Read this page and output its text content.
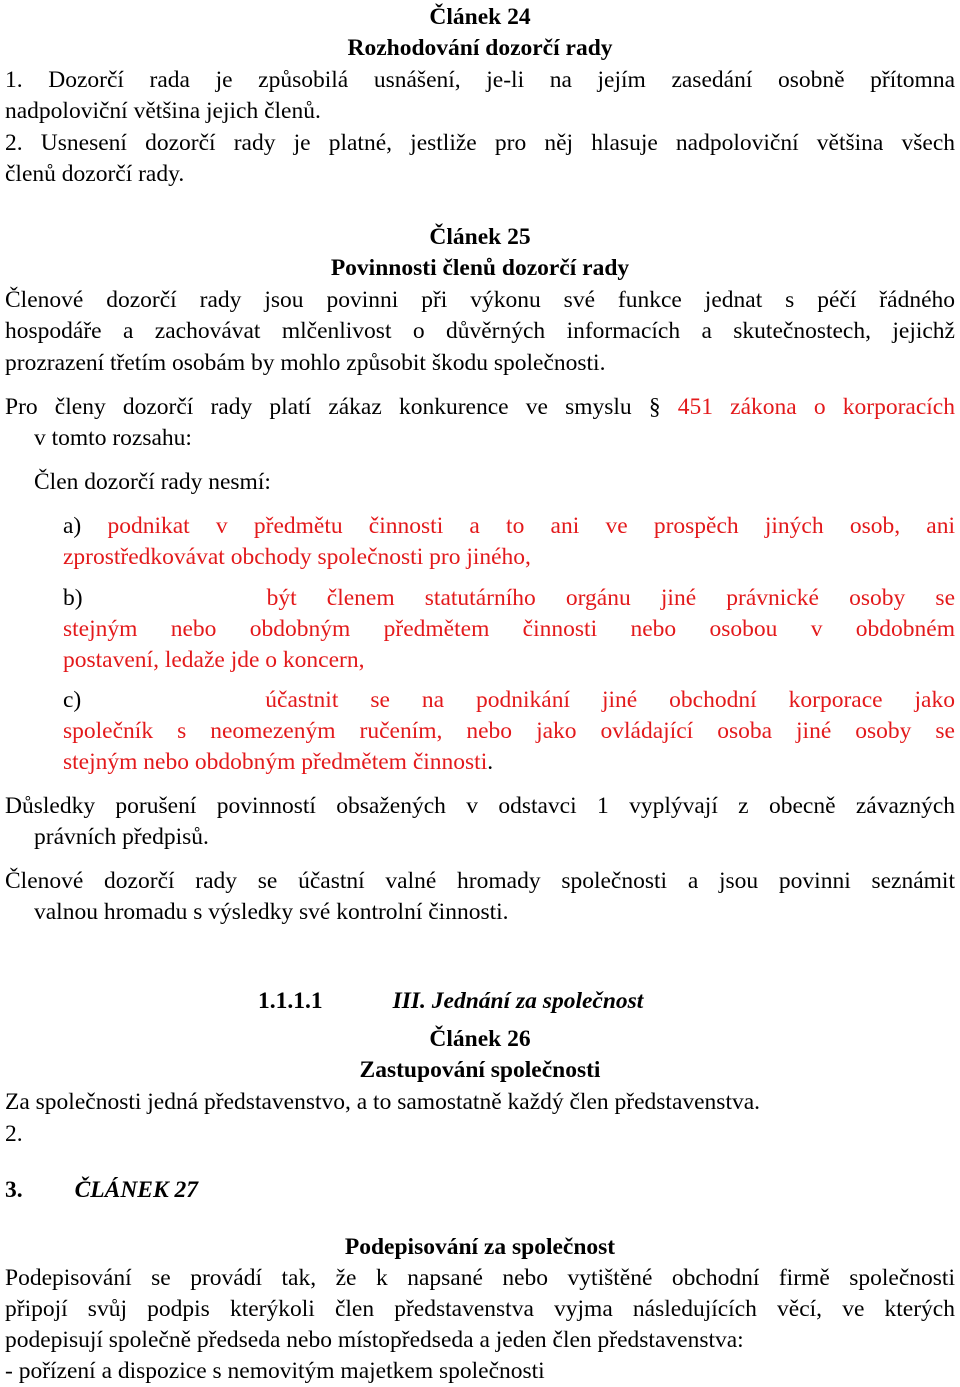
Článek 24
Rozhodování dozorčí rady
1. Dozorčí rada je způsobilá usnášení, je-li na jejím zasedání osobně přítomna
nadpoloviční většina jejich členů.
2. Usnesení dozorčí rady je platné, jestliže pro něj hlasuje nadpoloviční většina všech
členů dozorčí rady.
Článek 25
Povinnosti členů dozorčí rady
Členové dozorčí rady jsou povinni při výkonu své funkce jednat s péčí řádného
hospodáře a zachovávat mlčenlivost o důvěrných informacích a skutečnostech, jejichž
prozrazení třetím osobám by mohlo způsobit škodu společnosti.
Pro členy dozorčí rady platí zákaz konkurence ve smyslu § 451 zákona o korporacích
v tomto rozsahu:
Člen dozorčí rady nesmí:
a) podnikat v předmětu činnosti a to ani ve prospěch jiných osob, ani
zprostředkovávat obchody společnosti pro jiného,
b)	být členem statutárního orgánu jiné právnické osoby se
stejným nebo obdobným předmětem činnosti nebo osobou v obdobném
postavení, ledaže jde o koncern,
c)	účastnit se na podnikání jiné obchodní korporace jako
společník s neomezeným ručením, nebo jako ovládající osoba jiné osoby se
stejným nebo obdobným předmětem činnosti.
Důsledky porušení povinností obsažených v odstavci 1 vyplývají z obecně závazných
právních předpisů.
Členové dozorčí rady se účastní valné hromady společnosti a jsou povinni seznámit
valnou hromadu s výsledky své kontrolní činnosti.
1.1.1.1	III. Jednání za společnost
Článek 26
Zastupování společnosti
Za společnosti jedná představenstvo, a to samostatně každý člen představenstva.
2.
3. ČLÁNEK 27
Podepisování za společnost
Podepisování se provádí tak, že k napsané nebo vytištěné obchodní firmě společnosti
připojí svůj podpis kterýkoli člen představenstva vyjma následujících věcí, ve kterých
podepisují společně předseda nebo místopředseda a jeden člen představenstva:
- pořízení a dispozice s nemovitým majetkem společnosti
